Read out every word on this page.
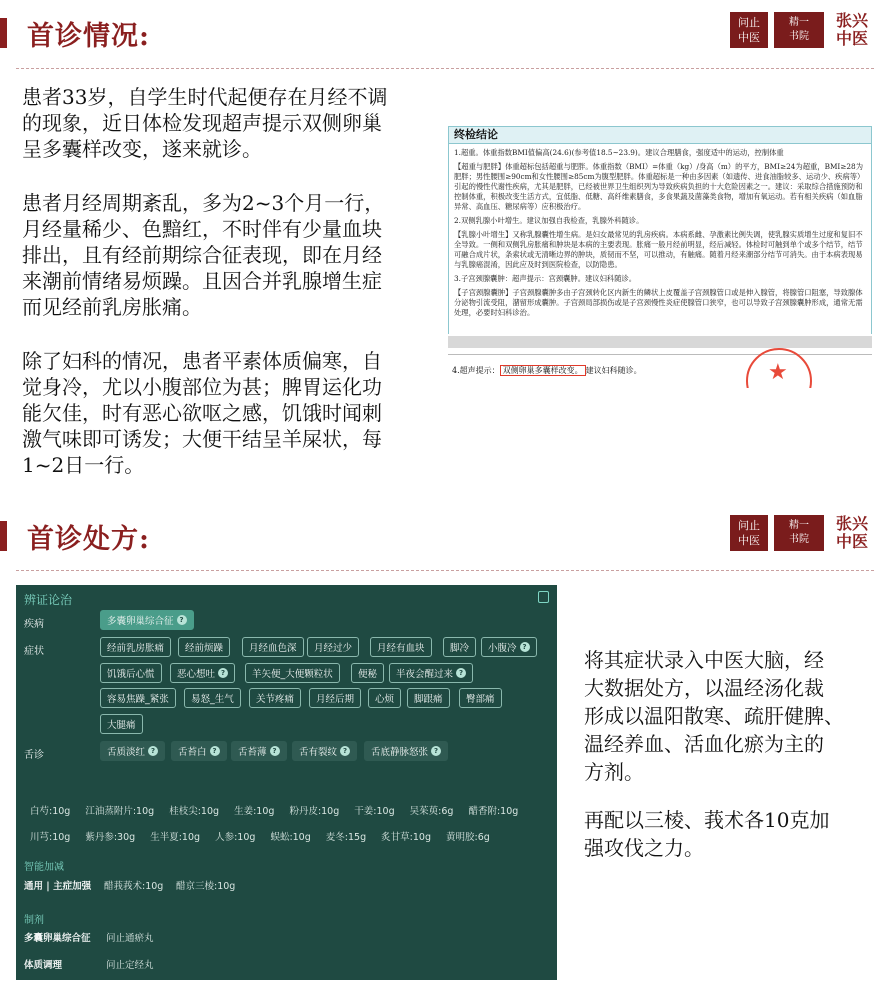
首诊情况:	问止
中医
精一
书院
张兴
中医
患者33岁，自学生时代起便存在月经不调
的现象，近日体检发现超声提示双侧卵巢
呈多囊样改变，遂来就诊。
患者月经周期紊乱，多为2~3个月一行，
月经量稀少、色黯红，不时伴有少量血块
排出，且有经前期综合征表现，即在月经
来潮前情绪易烦躁。且因合并乳腺增生症
而见经前乳房胀痛。
除了妇科的情况，患者平素体质偏寒，自
觉身冷，尤以小腹部位为甚；脾胃运化功
能欠佳，时有恶心欲呕之感，饥饿时闻刺
激气味即可诱发；大便干结呈羊屎状，每
1~2日一行。
终检结论

1.超重。体重指数BMI值偏高(24.6)(参考值18.5~23.9)。建议合理膳食，强度适中的运动，控制体重

【超重与肥胖】体重超标包括超重与肥胖。体重指数（BMI）=体重（kg）/身高（m）的平方，BMI≥24为超重，BMI≥28为肥胖；男性腰围≥90cm和女性腰围≥85cm为腹型肥胖。体重超标是一种由多因素（如遗传、进食油脂较多、运动少、疾病等）引起的慢性代谢性疾病，尤其是肥胖，已经被世界卫生组织列为导致疾病负担的十大危险因素之一。建议：采取综合措施预防和控制体重，积极改变生活方式，宜低脂、低糖、高纤维素膳食，多食果蔬及菌藻类食物，增加有氧运动。若有相关疾病（如血脂异常、高血压、糖尿病等）应积极治疗。

2.双侧乳腺小叶增生。建议加强自我检查，乳腺外科随诊。

【乳腺小叶增生】又称乳腺囊性增生病。是妇女最常见的乳房疾病。本病系雌、孕激素比例失调，使乳腺实质增生过度和复旧不全导致。一侧和双侧乳房胀痛和肿块是本病的主要表现。胀痛一般月经前明显，经后减轻。体检时可触到单个或多个结节，结节可融合成片状，条索状或无清晰边界的肿块，质韧而不坚，可以推动，有触痛。随着月经来潮部分结节可消失。由于本病表现易与乳腺癌混淆，因此应及时到医院检查，以防隐患。

3.子宫颈腺囊肿：超声提示：宫颈囊肿。建议妇科随诊。

【子宫颈腺囊肿】子宫颈腺囊肿多由子宫颈转化区内新生的鳞状上皮覆盖子宫颈腺管口或是伸入腺管，将腺管口阻塞，导致腺体分泌物引流受阻，潴留形成囊肿。子宫颈局部损伤或是子宫颈慢性炎症使腺管口狭窄，也可以导致子宫颈腺囊肿形成，通常无需处理，必要时妇科诊治。

4.超声提示： 双侧卵巢多囊样改变。 建议妇科随诊。	★
首诊处方:	问止
中医
精一
书院
张兴
中医
辨证论治
疾病	多囊卵巢综合征 ?
症状	经前乳房胀痛	经前烦躁	月经血色深	月经过少	月经有血块	脚冷	小腹冷 ?
饥饿后心慌	恶心想吐 ?	羊矢便_大便颗粒状	便秘	半夜会醒过来 ?
容易焦躁_紧张	易怒_生气	关节疼痛	月经后期	心烦	脚跟痛	臀部痛
大腿痛
舌诊	舌质淡红 ?	舌苔白 ?	舌苔薄 ?	舌有裂纹 ?	舌底静脉怒张 ?
白芍:10g 江油蒸附片:10g 桂枝尖:10g 生姜:10g 粉丹皮:10g 干姜:10g 吴茱萸:6g 醋香附:10g
川芎:10g 紫丹参:30g 生半夏:10g 人参:10g 蜈蚣:10g 麦冬:15g 炙甘草:10g 黄明胶:6g
智能加减
通用 | 主症加强 醋莪莪术:10g 醋京三棱:10g
制剂
多囊卵巢综合征 问止通瘀丸
体质调理	问止定经丸
将其症状录入中医大脑，经
大数据处方，以温经汤化裁
形成以温阳散寒、疏肝健脾、
温经养血、活血化瘀为主的
方剂。
再配以三棱、莪术各10克加
强攻伐之力。
